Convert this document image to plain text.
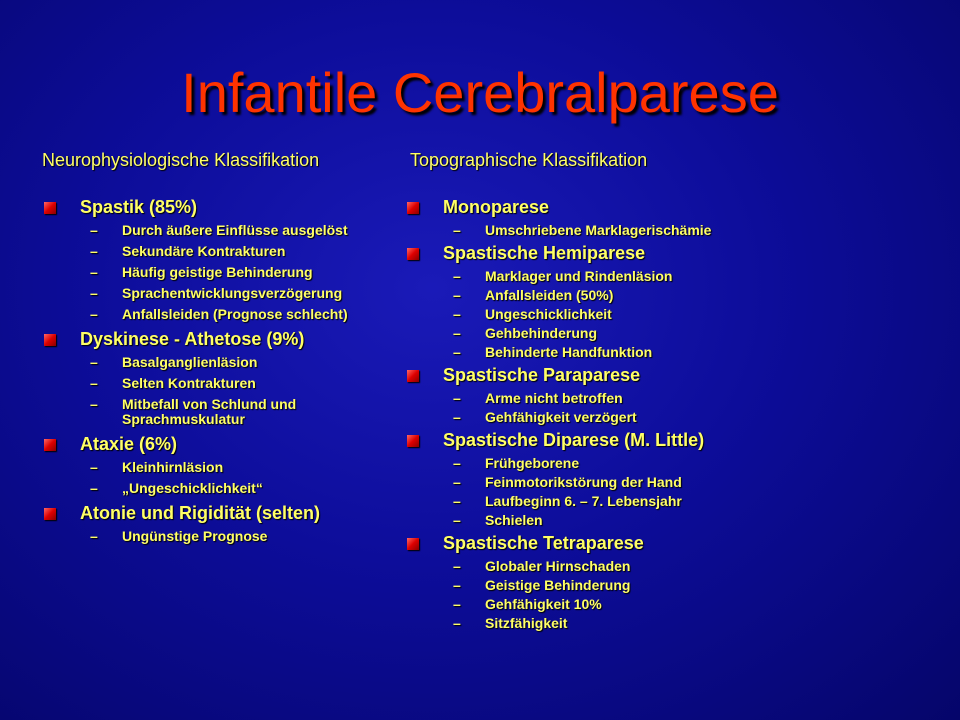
Infantile Cerebralparese
Neurophysiologische Klassifikation	Topographische Klassifikation
Spastik (85%)
– Durch äußere Einflüsse ausgelöst
– Sekundäre Kontrakturen
– Häufig geistige Behinderung
– Sprachentwicklungsverzögerung
– Anfallsleiden (Prognose schlecht)
Dyskinese - Athetose (9%)
– Basalganglienläsion
– Selten Kontrakturen
– Mitbefall von Schlund und Sprachmuskulatur
Ataxie (6%)
– Kleinhirnläsion
– „Ungeschicklichkeit“
Atonie und Rigidität (selten)
– Ungünstige Prognose
Monoparese
– Umschriebene Marklagerischämie
Spastische Hemiparese
– Marklager und Rindenläsion
– Anfallsleiden (50%)
– Ungeschicklichkeit
– Gehbehinderung
– Behinderte Handfunktion
Spastische Paraparese
– Arme nicht betroffen
– Gehfähigkeit verzögert
Spastische Diparese (M. Little)
– Frühgeborene
– Feinmotorikstörung der Hand
– Laufbeginn 6. – 7. Lebensjahr
– Schielen
Spastische Tetraparese
– Globaler Hirnschaden
– Geistige Behinderung
– Gehfähigkeit 10%
– Sitzfähigkeit
